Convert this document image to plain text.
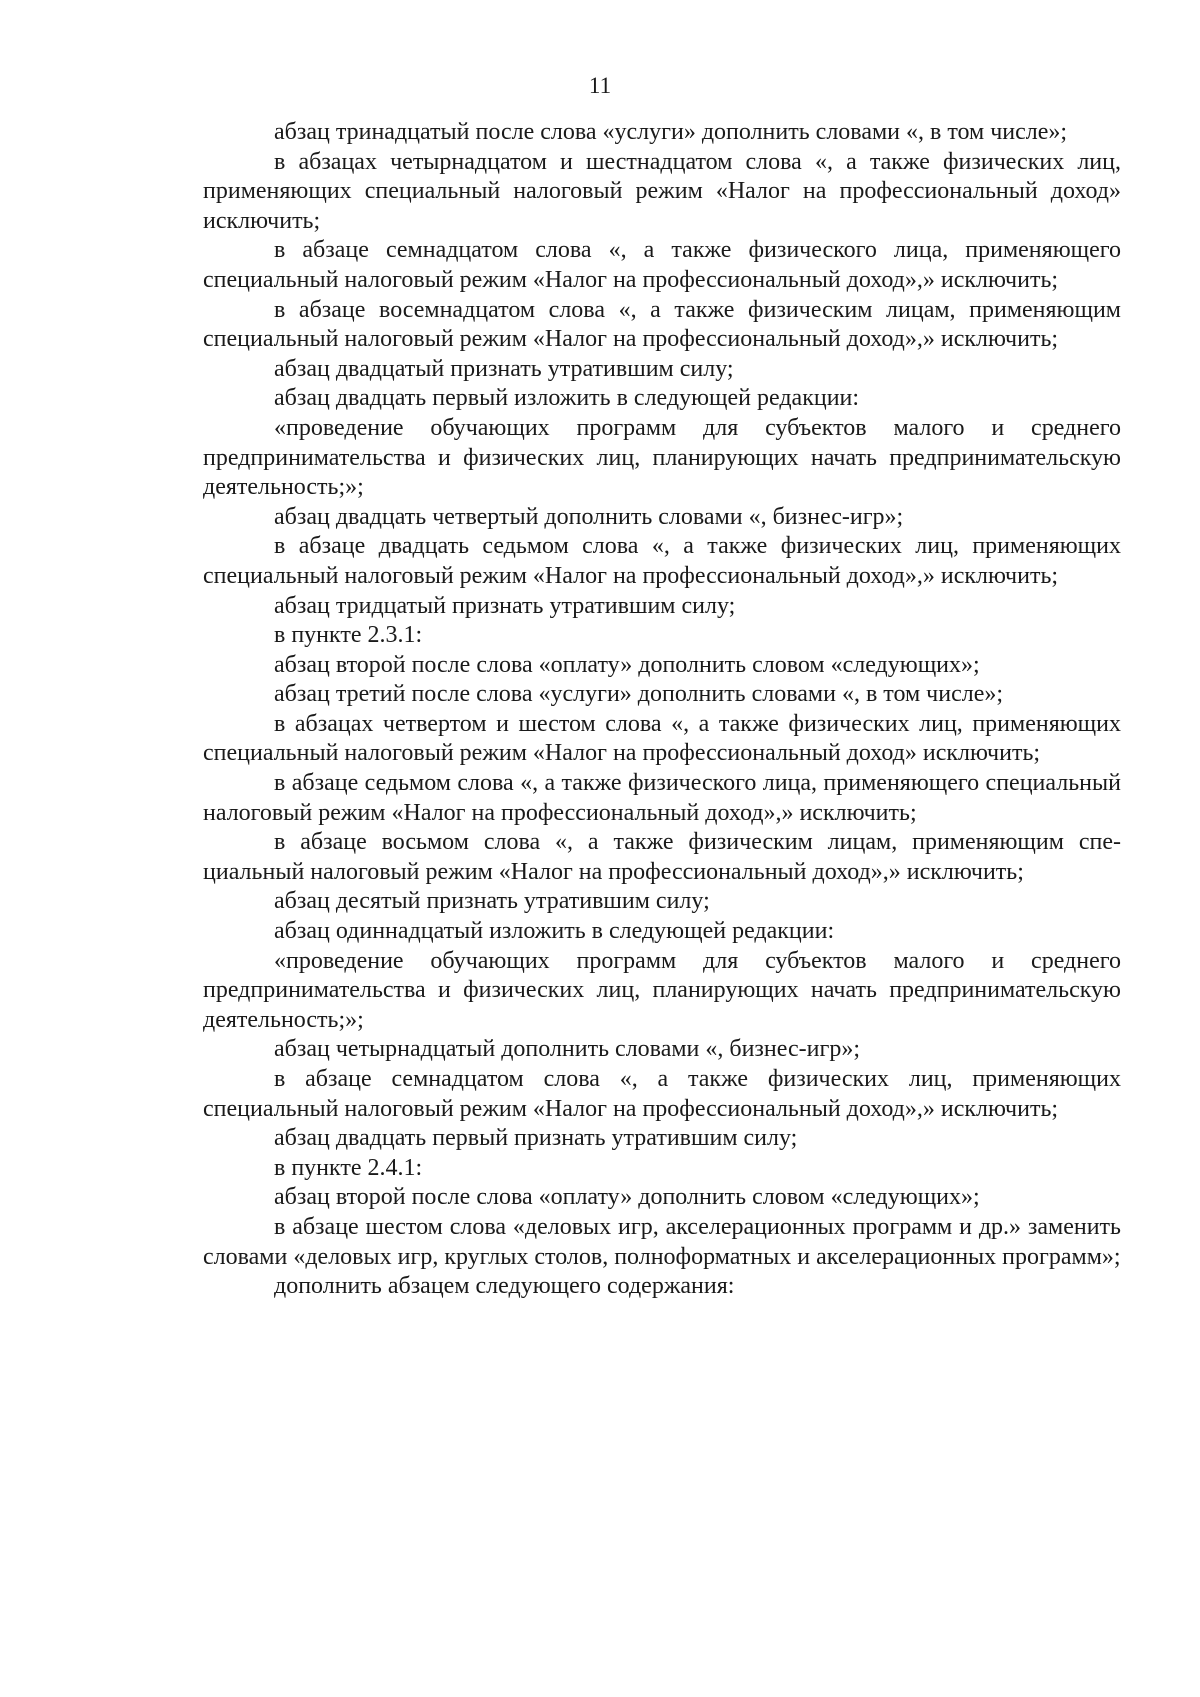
11

абзац тринадцатый после слова «услуги» дополнить словами «, в том числе»;

в абзацах четырнадцатом и шестнадцатом слова «, а также физических лиц, применяющих специальный налоговый режим «Налог на профессиональный доход» исключить;

в абзаце семнадцатом слова «, а также физического лица, применяющего специальный налоговый режим «Налог на профессиональный доход»,» исключить;

в абзаце восемнадцатом слова «, а также физическим лицам, применяющим специальный налоговый режим «Налог на профессиональный доход»,» исключить;

абзац двадцатый признать утратившим силу;

абзац двадцать первый изложить в следующей редакции:

«проведение обучающих программ для субъектов малого и среднего предпринимательства и физических лиц, планирующих начать предпринимательскую деятельность;»;

абзац двадцать четвертый дополнить словами «, бизнес-игр»;

в абзаце двадцать седьмом слова «, а также физических лиц, применяющих специальный налоговый режим «Налог на профессиональный доход»,» исключить;

абзац тридцатый признать утратившим силу;

в пункте 2.3.1:

абзац второй после слова «оплату» дополнить словом «следующих»;

абзац третий после слова «услуги» дополнить словами «, в том числе»;

в абзацах четвертом и шестом слова «, а также физических лиц, применяющих специальный налоговый режим «Налог на профессиональный доход» исключить;

в абзаце седьмом слова «, а также физического лица, применяющего специальный налоговый режим «Налог на профессиональный доход»,» исключить;

в абзаце восьмом слова «, а также физическим лицам, применяющим специальный налоговый режим «Налог на профессиональный доход»,» исключить;

абзац десятый признать утратившим силу;

абзац одиннадцатый изложить в следующей редакции:

«проведение обучающих программ для субъектов малого и среднего предпринимательства и физических лиц, планирующих начать предпринимательскую деятельность;»;

абзац четырнадцатый дополнить словами «, бизнес-игр»;

в абзаце семнадцатом слова «, а также физических лиц, применяющих специальный налоговый режим «Налог на профессиональный доход»,» исключить;

абзац двадцать первый признать утратившим силу;

в пункте 2.4.1:

абзац второй после слова «оплату» дополнить словом «следующих»;

в абзаце шестом слова «деловых игр, акселерационных программ и др.» заменить словами «деловых игр, круглых столов, полноформатных и акселерационных программ»;

дополнить абзацем следующего содержания:
